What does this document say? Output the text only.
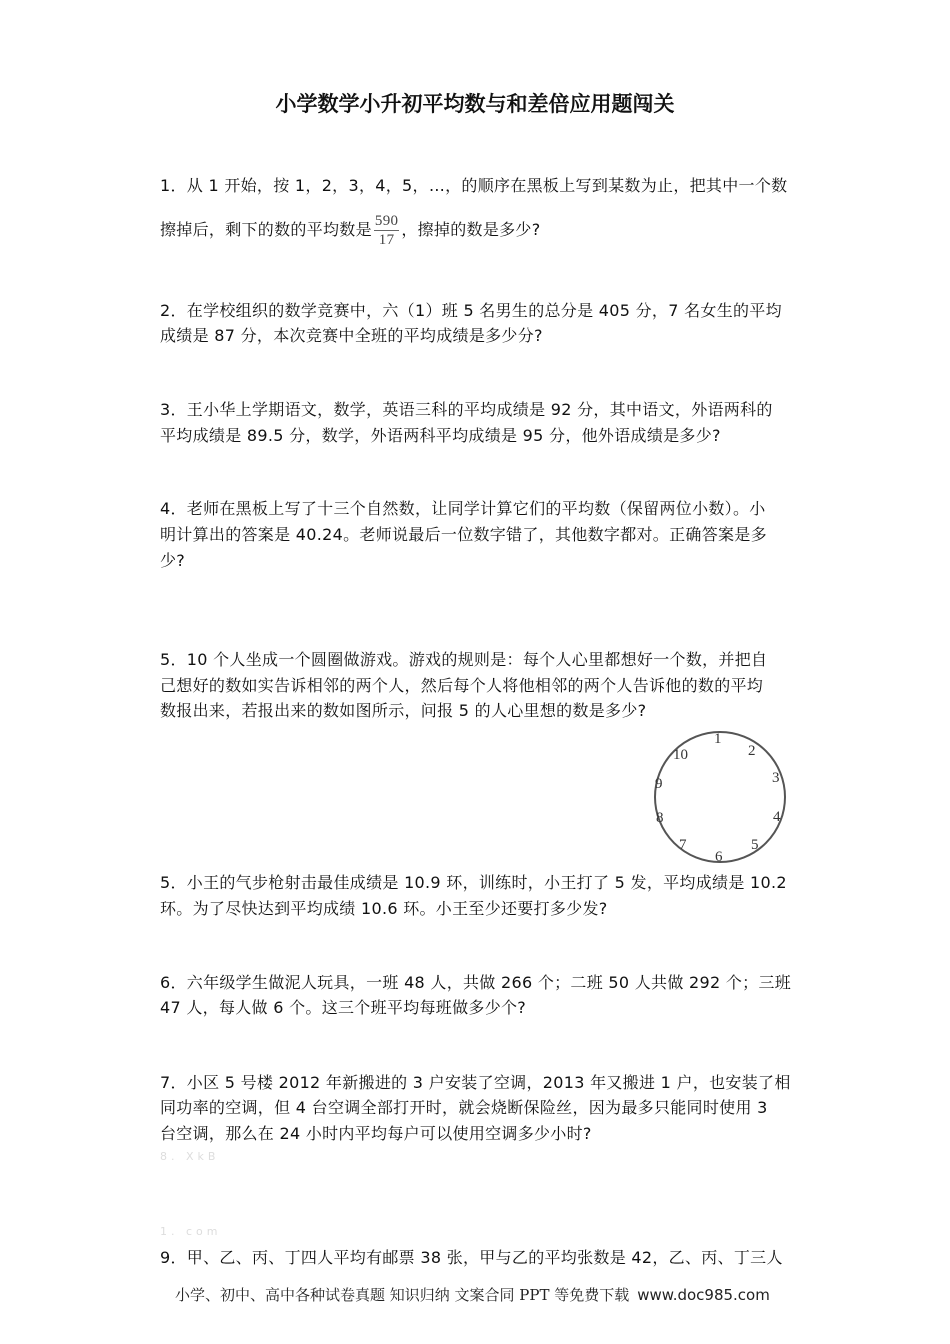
小学数学小升初平均数与和差倍应用题闯关
1．从 1 开始，按 1，2，3，4，5，…，的顺序在黑板上写到某数为止，把其中一个数
擦掉后，剩下的数的平均数是 $\frac{590}{17}$ ，擦掉的数是多少?
2．在学校组织的数学竞赛中，六（1）班 5 名男生的总分是 405 分，7 名女生的平均
成绩是 87 分，本次竞赛中全班的平均成绩是多少分?
3．王小华上学期语文，数学，英语三科的平均成绩是 92 分，其中语文，外语两科的
平均成绩是 89.5 分，数学，外语两科平均成绩是 95 分，他外语成绩是多少?
4．老师在黑板上写了十三个自然数，让同学计算它们的平均数（保留两位小数）。小
明计算出的答案是 40.24。老师说最后一位数字错了，其他数字都对。正确答案是多
少?
5．10 个人坐成一个圆圈做游戏。游戏的规则是：每个人心里都想好一个数，并把自
己想好的数如实告诉相邻的两个人，然后每个人将他相邻的两个人告诉他的数的平均
数报出来，若报出来的数如图所示，问报 5 的人心里想的数是多少?
1
2
3
4
5
6
7
8
9
10
5．小王的气步枪射击最佳成绩是 10.9 环，训练时，小王打了 5 发，平均成绩是 10.2
环。为了尽快达到平均成绩 10.6 环。小王至少还要打多少发?
6．六年级学生做泥人玩具，一班 48 人，共做 266 个；二班 50 人共做 292 个；三班
47 人，每人做 6 个。这三个班平均每班做多少个?
7．小区 5 号楼 2012 年新搬进的 3 户安装了空调，2013 年又搬进 1 户，也安装了相
同功率的空调，但 4 台空调全部打开时，就会烧断保险丝，因为最多只能同时使用 3
台空调，那么在 24 小时内平均每户可以使用空调多少小时?
8. XkB
1. com
9．甲、乙、丙、丁四人平均有邮票 38 张，甲与乙的平均张数是 42，乙、丙、丁三人
小学、初中、高中各种试卷真题 知识归纳 文案合同 PPT 等免费下载 www.doc985.com
